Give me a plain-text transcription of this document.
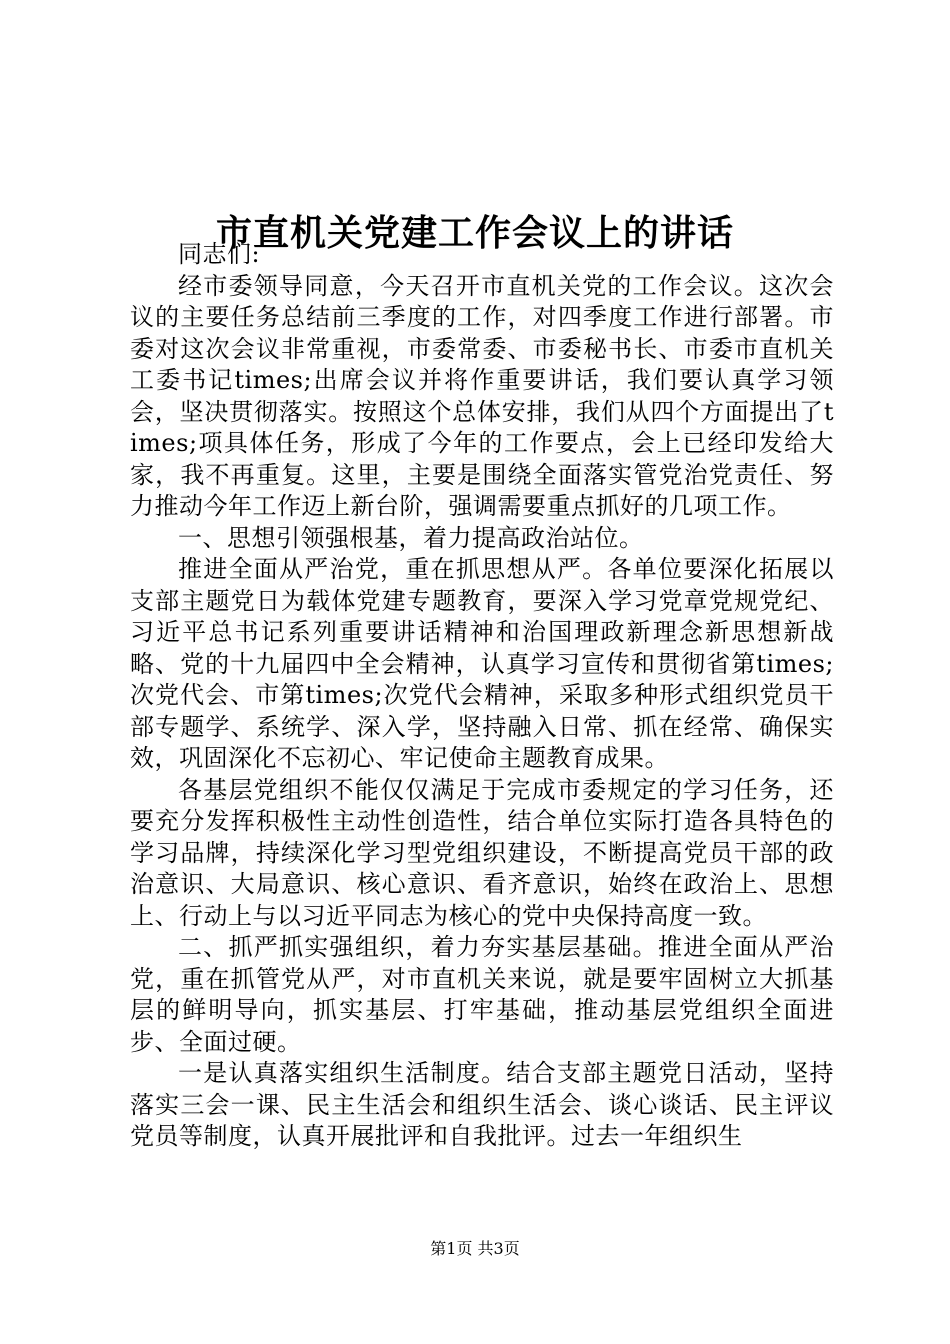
市直机关党建工作会议上的讲话

同志们:

经市委领导同意，今天召开市直机关党的工作会议。这次会议的主要任务总结前三季度的工作，对四季度工作进行部署。市委对这次会议非常重视，市委常委、市委秘书长、市委市直机关工委书记times;出席会议并将作重要讲话，我们要认真学习领会，坚决贯彻落实。按照这个总体安排，我们从四个方面提出了times;项具体任务，形成了今年的工作要点，会上已经印发给大家，我不再重复。这里，主要是围绕全面落实管党治党责任、努力推动今年工作迈上新台阶，强调需要重点抓好的几项工作。

一、思想引领强根基，着力提高政治站位。

推进全面从严治党，重在抓思想从严。各单位要深化拓展以支部主题党日为载体党建专题教育，要深入学习党章党规党纪、习近平总书记系列重要讲话精神和治国理政新理念新思想新战略、党的十九届四中全会精神，认真学习宣传和贯彻省第times;次党代会、市第times;次党代会精神，采取多种形式组织党员干部专题学、系统学、深入学，坚持融入日常、抓在经常、确保实效，巩固深化不忘初心、牢记使命主题教育成果。

各基层党组织不能仅仅满足于完成市委规定的学习任务，还要充分发挥积极性主动性创造性，结合单位实际打造各具特色的学习品牌，持续深化学习型党组织建设，不断提高党员干部的政治意识、大局意识、核心意识、看齐意识，始终在政治上、思想上、行动上与以习近平同志为核心的党中央保持高度一致。

二、抓严抓实强组织，着力夯实基层基础。推进全面从严治党，重在抓管党从严，对市直机关来说，就是要牢固树立大抓基层的鲜明导向，抓实基层、打牢基础，推动基层党组织全面进步、全面过硬。

一是认真落实组织生活制度。结合支部主题党日活动，坚持落实三会一课、民主生活会和组织生活会、谈心谈话、民主评议党员等制度，认真开展批评和自我批评。过去一年组织生

第1页 共3页
